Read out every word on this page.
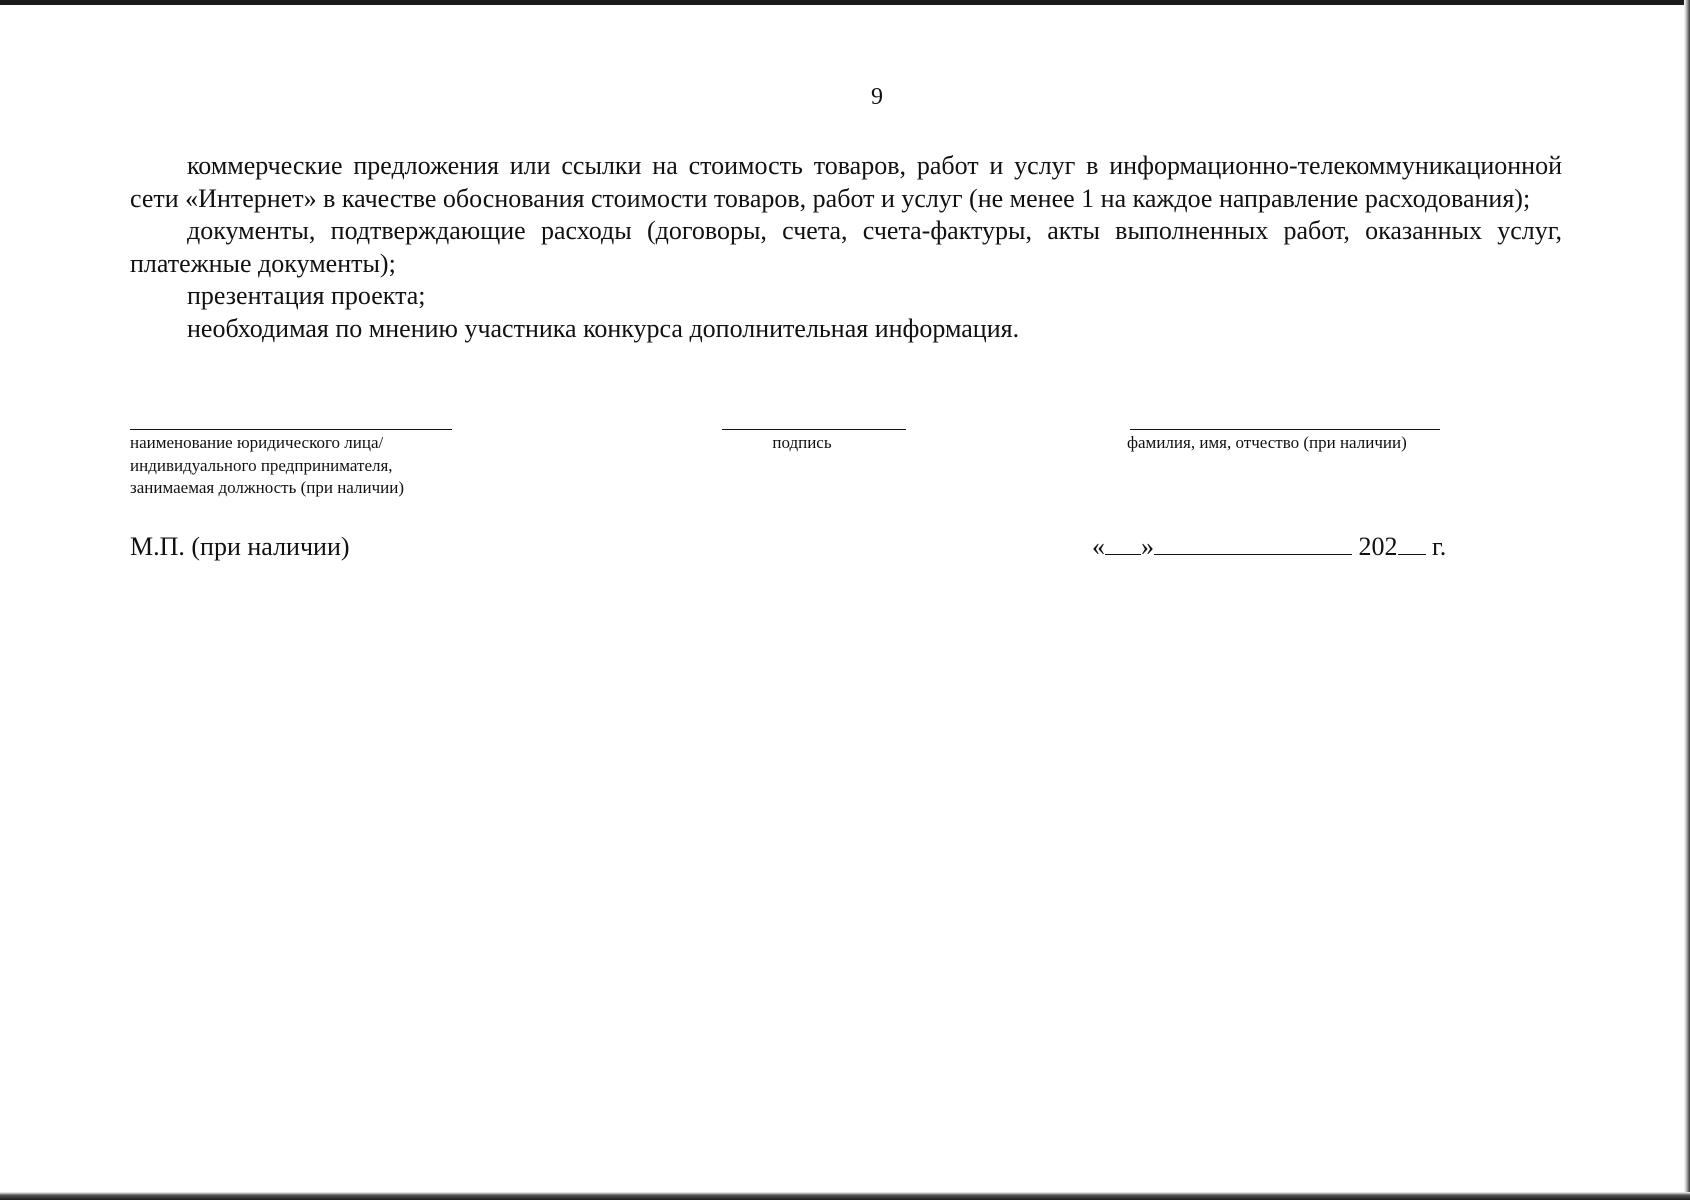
9

коммерческие предложения или ссылки на стоимость товаров, работ и услуг в информационно-телекоммуникационной сети «Интернет» в качестве обоснования стоимости товаров, работ и услуг (не менее 1 на каждое направление расходования);

документы, подтверждающие расходы (договоры, счета, счета-фактуры, акты выполненных работ, оказанных услуг, платежные документы);

презентация проекта;

необходимая по мнению участника конкурса дополнительная информация.

наименование юридического лица/
индивидуального предпринимателя,
занимаемая должность (при наличии)
подпись	фамилия, имя, отчество (при наличии)
М.П. (при наличии)	« »	202 г.
